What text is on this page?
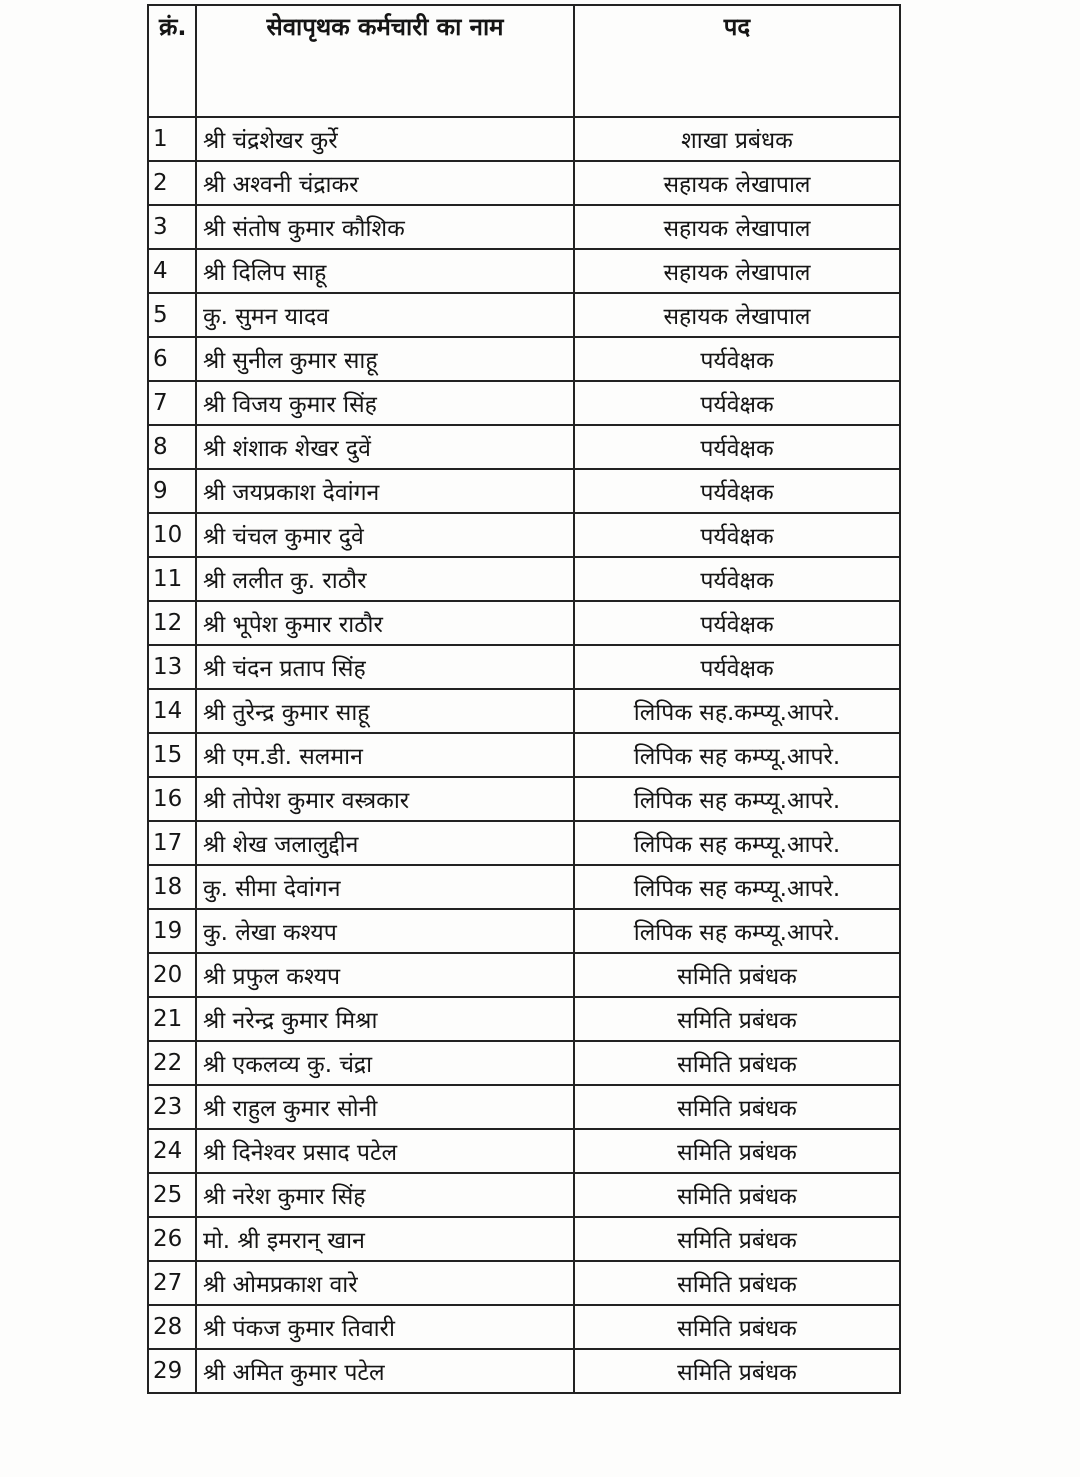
क्रं.	सेवापृथक कर्मचारी का नाम	पद
1	श्री चंद्रशेखर कुर्रे	शाखा प्रबंधक
2	श्री अश्वनी चंद्राकर	सहायक लेखापाल
3	श्री संतोष कुमार कौशिक	सहायक लेखापाल
4	श्री दिलिप साहू	सहायक लेखापाल
5	कु. सुमन यादव	सहायक लेखापाल
6	श्री सुनील कुमार साहू	पर्यवेक्षक
7	श्री विजय कुमार सिंह	पर्यवेक्षक
8	श्री शंशाक शेखर दुवें	पर्यवेक्षक
9	श्री जयप्रकाश देवांगन	पर्यवेक्षक
10	श्री चंचल कुमार दुवे	पर्यवेक्षक
11	श्री ललीत कु. राठौर	पर्यवेक्षक
12	श्री भूपेश कुमार राठौर	पर्यवेक्षक
13	श्री चंदन प्रताप सिंह	पर्यवेक्षक
14	श्री तुरेन्द्र कुमार साहू	लिपिक सह.कम्प्यू.आपरे.
15	श्री एम.डी. सलमान	लिपिक सह कम्प्यू.आपरे.
16	श्री तोपेश कुमार वस्त्रकार	लिपिक सह कम्प्यू.आपरे.
17	श्री शेख जलालुद्दीन	लिपिक सह कम्प्यू.आपरे.
18	कु. सीमा देवांगन	लिपिक सह कम्प्यू.आपरे.
19	कु. लेखा कश्यप	लिपिक सह कम्प्यू.आपरे.
20	श्री प्रफुल कश्यप	समिति प्रबंधक
21	श्री नरेन्द्र कुमार मिश्रा	समिति प्रबंधक
22	श्री एकलव्य कु. चंद्रा	समिति प्रबंधक
23	श्री राहुल कुमार सोनी	समिति प्रबंधक
24	श्री दिनेश्वर प्रसाद पटेल	समिति प्रबंधक
25	श्री नरेश कुमार सिंह	समिति प्रबंधक
26	मो. श्री इमरान् खान	समिति प्रबंधक
27	श्री ओमप्रकाश वारे	समिति प्रबंधक
28	श्री पंकज कुमार तिवारी	समिति प्रबंधक
29	श्री अमित कुमार पटेल	समिति प्रबंधक
